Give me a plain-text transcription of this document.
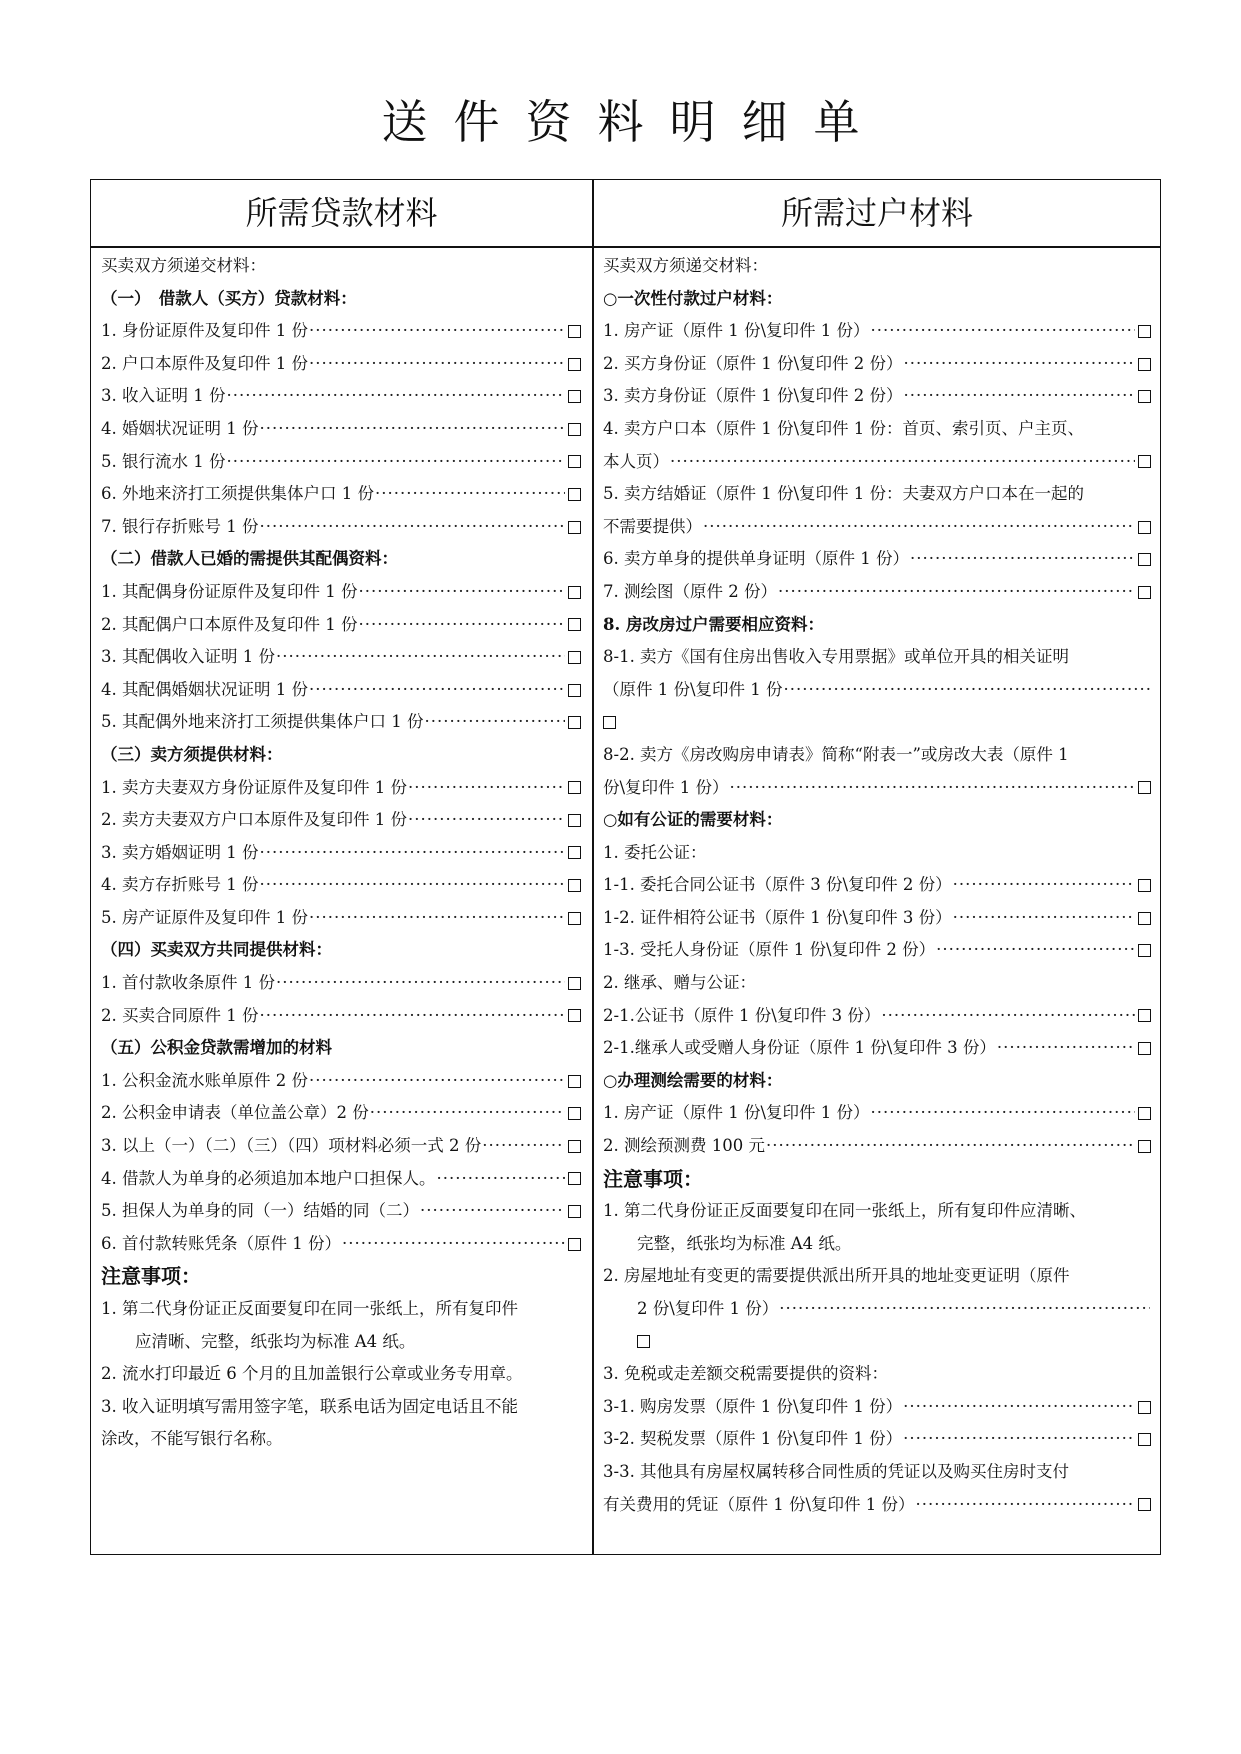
送件资料明细单
所需贷款材料	所需过户材料
买卖双方须递交材料：
（一）　借款人（买方）贷款材料：
1. 身份证原件及复印件 1 份
·····
2. 户口本原件及复印件 1 份
·····
3. 收入证明 1 份
·····
4. 婚姻状况证明 1 份
·····
5. 银行流水 1 份
·····
6. 外地来济打工须提供集体户口 1 份
·····
7. 银行存折账号 1 份
·····
（二）借款人已婚的需提供其配偶资料：
1. 其配偶身份证原件及复印件 1 份
·····
2. 其配偶户口本原件及复印件 1 份
·····
3. 其配偶收入证明 1 份
·····
4. 其配偶婚姻状况证明 1 份
·····
5. 其配偶外地来济打工须提供集体户口 1 份
·····
（三）卖方须提供材料：
1. 卖方夫妻双方身份证原件及复印件 1 份
·····
2. 卖方夫妻双方户口本原件及复印件 1 份
·····
3. 卖方婚姻证明 1 份
·····
4. 卖方存折账号 1 份
·····
5. 房产证原件及复印件 1 份
·····
（四）买卖双方共同提供材料：
1. 首付款收条原件 1 份
·····
2. 买卖合同原件 1 份
·····
（五）公积金贷款需增加的材料
1. 公积金流水账单原件 2 份
·····
2. 公积金申请表（单位盖公章）2 份
·····
3. 以上（一）（二）（三）（四）项材料必须一式 2 份
·····
4. 借款人为单身的必须追加本地户口担保人。
·····
5. 担保人为单身的同（一）结婚的同（二）
·····
6. 首付款转账凭条（原件 1 份）
·····
注意事项：
1. 第二代身份证正反面要复印在同一张纸上，所有复印件
应清晰、完整，纸张均为标准 A4 纸。
2. 流水打印最近 6 个月的且加盖银行公章或业务专用章。
3. 收入证明填写需用签字笔，联系电话为固定电话且不能
涂改，不能写银行名称。
买卖双方须递交材料：
○一次性付款过户材料：
1. 房产证（原件 1 份\复印件 1 份）
·····
2. 买方身份证（原件 1 份\复印件 2 份）
·····
3. 卖方身份证（原件 1 份\复印件 2 份）
·····
4. 卖方户口本（原件 1 份\复印件 1 份：首页、索引页、户主页、
本人页）
·····
5. 卖方结婚证（原件 1 份\复印件 1 份：夫妻双方户口本在一起的
不需要提供）
·····
6. 卖方单身的提供单身证明（原件 1 份）
·····
7. 测绘图（原件 2 份）
·····
8. 房改房过户需要相应资料：
8-1. 卖方《国有住房出售收入专用票据》或单位开具的相关证明
（原件 1 份\复印件 1 份
·····
8-2. 卖方《房改购房申请表》简称“附表一”或房改大表（原件 1
份\复印件 1 份）
·····
○如有公证的需要材料：
1. 委托公证：
1-1. 委托合同公证书（原件 3 份\复印件 2 份）
·····
1-2. 证件相符公证书（原件 1 份\复印件 3 份）
·····
1-3. 受托人身份证（原件 1 份\复印件 2 份）
·····
2. 继承、赠与公证：
2-1.公证书（原件 1 份\复印件 3 份）
·····
2-1.继承人或受赠人身份证（原件 1 份\复印件 3 份）
·····
○办理测绘需要的材料：
1. 房产证（原件 1 份\复印件 1 份）
·····
2. 测绘预测费 100 元
·····
注意事项：
1. 第二代身份证正反面要复印在同一张纸上，所有复印件应清晰、
完整，纸张均为标准 A4 纸。
2. 房屋地址有变更的需要提供派出所开具的地址变更证明（原件
2 份\复印件 1 份）
·····
3. 免税或走差额交税需要提供的资料：
3-1. 购房发票（原件 1 份\复印件 1 份）
·····
3-2. 契税发票（原件 1 份\复印件 1 份）
·····
3-3. 其他具有房屋权属转移合同性质的凭证以及购买住房时支付
有关费用的凭证（原件 1 份\复印件 1 份）
·····
